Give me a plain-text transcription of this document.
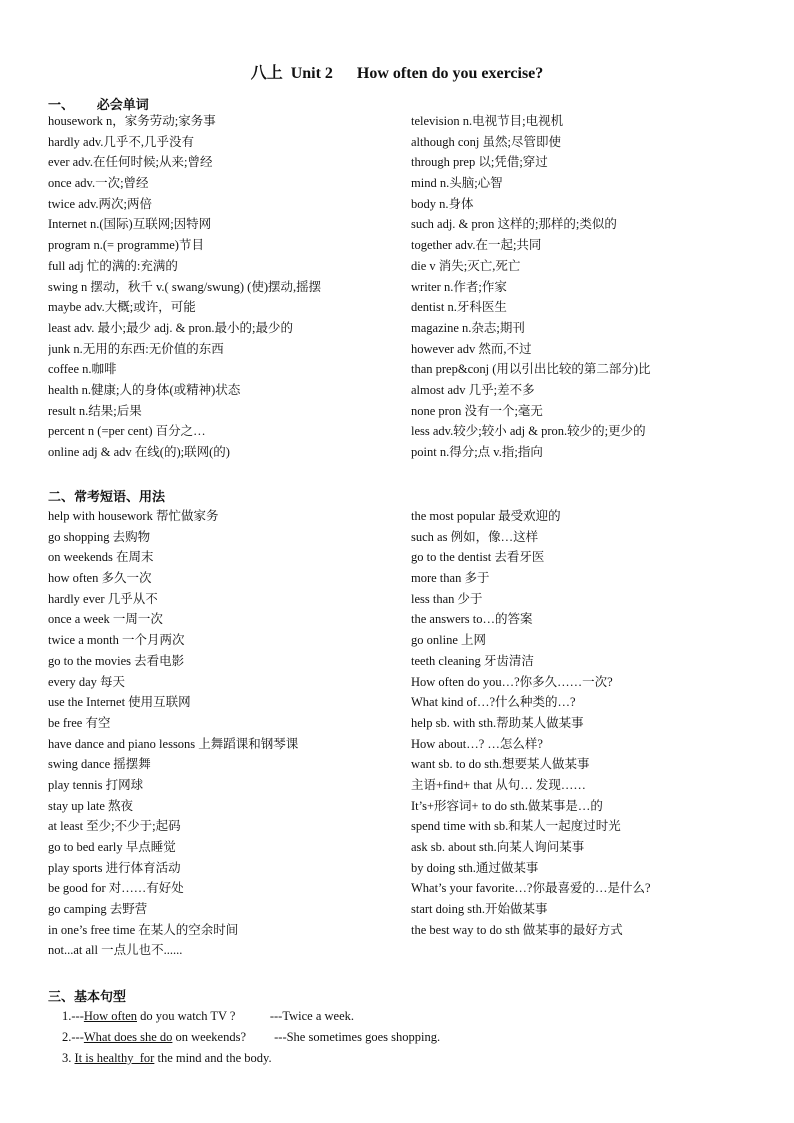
八上  Unit 2      How often do you exercise?
一、       必会单词
housework n，家务劳动;家务事
hardly adv.几乎不,几乎没有
ever adv.在任何时候;从来;曾经
once adv.一次;曾经
twice adv.两次;两倍
Internet n.(国际)互联网;因特网
program n.(= programme)节目
full adj 忙的满的:充满的
swing n 摆动，秋千 v.( swang/swung) (使)摆动,摇摆
maybe adv.大概;或许，可能
least adv. 最小;最少 adj. & pron.最小的;最少的
junk n.无用的东西:无价值的东西
coffee n.咖啡
health n.健康;人的身体(或精神)状态
result n.结果;后果
percent n (=per cent) 百分之…
online adj & adv 在线(的);联网(的)
television n.电视节目;电视机
although conj 虽然;尽管即使
through prep 以;凭借;穿过
mind n.头脑;心智
body n.身体
such adj. & pron 这样的;那样的;类似的
together adv.在一起;共同
die v 消失;灭亡,死亡
writer n.作者;作家
dentist n.牙科医生
magazine n.杂志;期刊
however adv 然而,不过
than prep&conj (用以引出比较的第二部分)比
almost adv 几乎;差不多
none pron 没有一个;毫无
less adv.较少;较小 adj & pron.较少的;更少的
point n.得分;点 v.指;指向
二、常考短语、用法
help with housework 帮忙做家务
go shopping 去购物
on weekends 在周末
how often 多久一次
hardly ever 几乎从不
once a week 一周一次
twice a month 一个月两次
go to the movies 去看电影
every day 每天
use the Internet 使用互联网
be free 有空
have dance and piano lessons 上舞蹈课和钢琴课
swing dance 摇摆舞
play tennis 打网球
stay up late 熬夜
at least 至少;不少于;起码
go to bed early 早点睡觉
play sports 进行体育活动
be good for 对……有好处
go camping 去野营
in one’s free time 在某人的空余时间
not...at all 一点儿也不......
the most popular 最受欢迎的
such as 例如，像…这样
go to the dentist 去看牙医
more than 多于
less than 少于
the answers to…的答案
go online 上网
teeth cleaning 牙齿清洁
How often do you…?你多久……一次?
What kind of…?什么种类的…?
help sb. with sth.帮助某人做某事
How about…? …怎么样?
want sb. to do sth.想要某人做某事
主语+find+ that 从句… 发现……
It’s+形容词+ to do sth.做某事是…的
spend time with sb.和某人一起度过时光
ask sb. about sth.向某人询问某事
by doing sth.通过做某事
What’s your favorite…?你最喜爱的…是什么?
start doing sth.开始做某事
the best way to do sth 做某事的最好方式
三、基本句型
1.---How often do you watch TV ?           ---Twice a week.
2.---What does she do on weekends?         ---She sometimes goes shopping.
3. It is healthy  for the mind and the body.
